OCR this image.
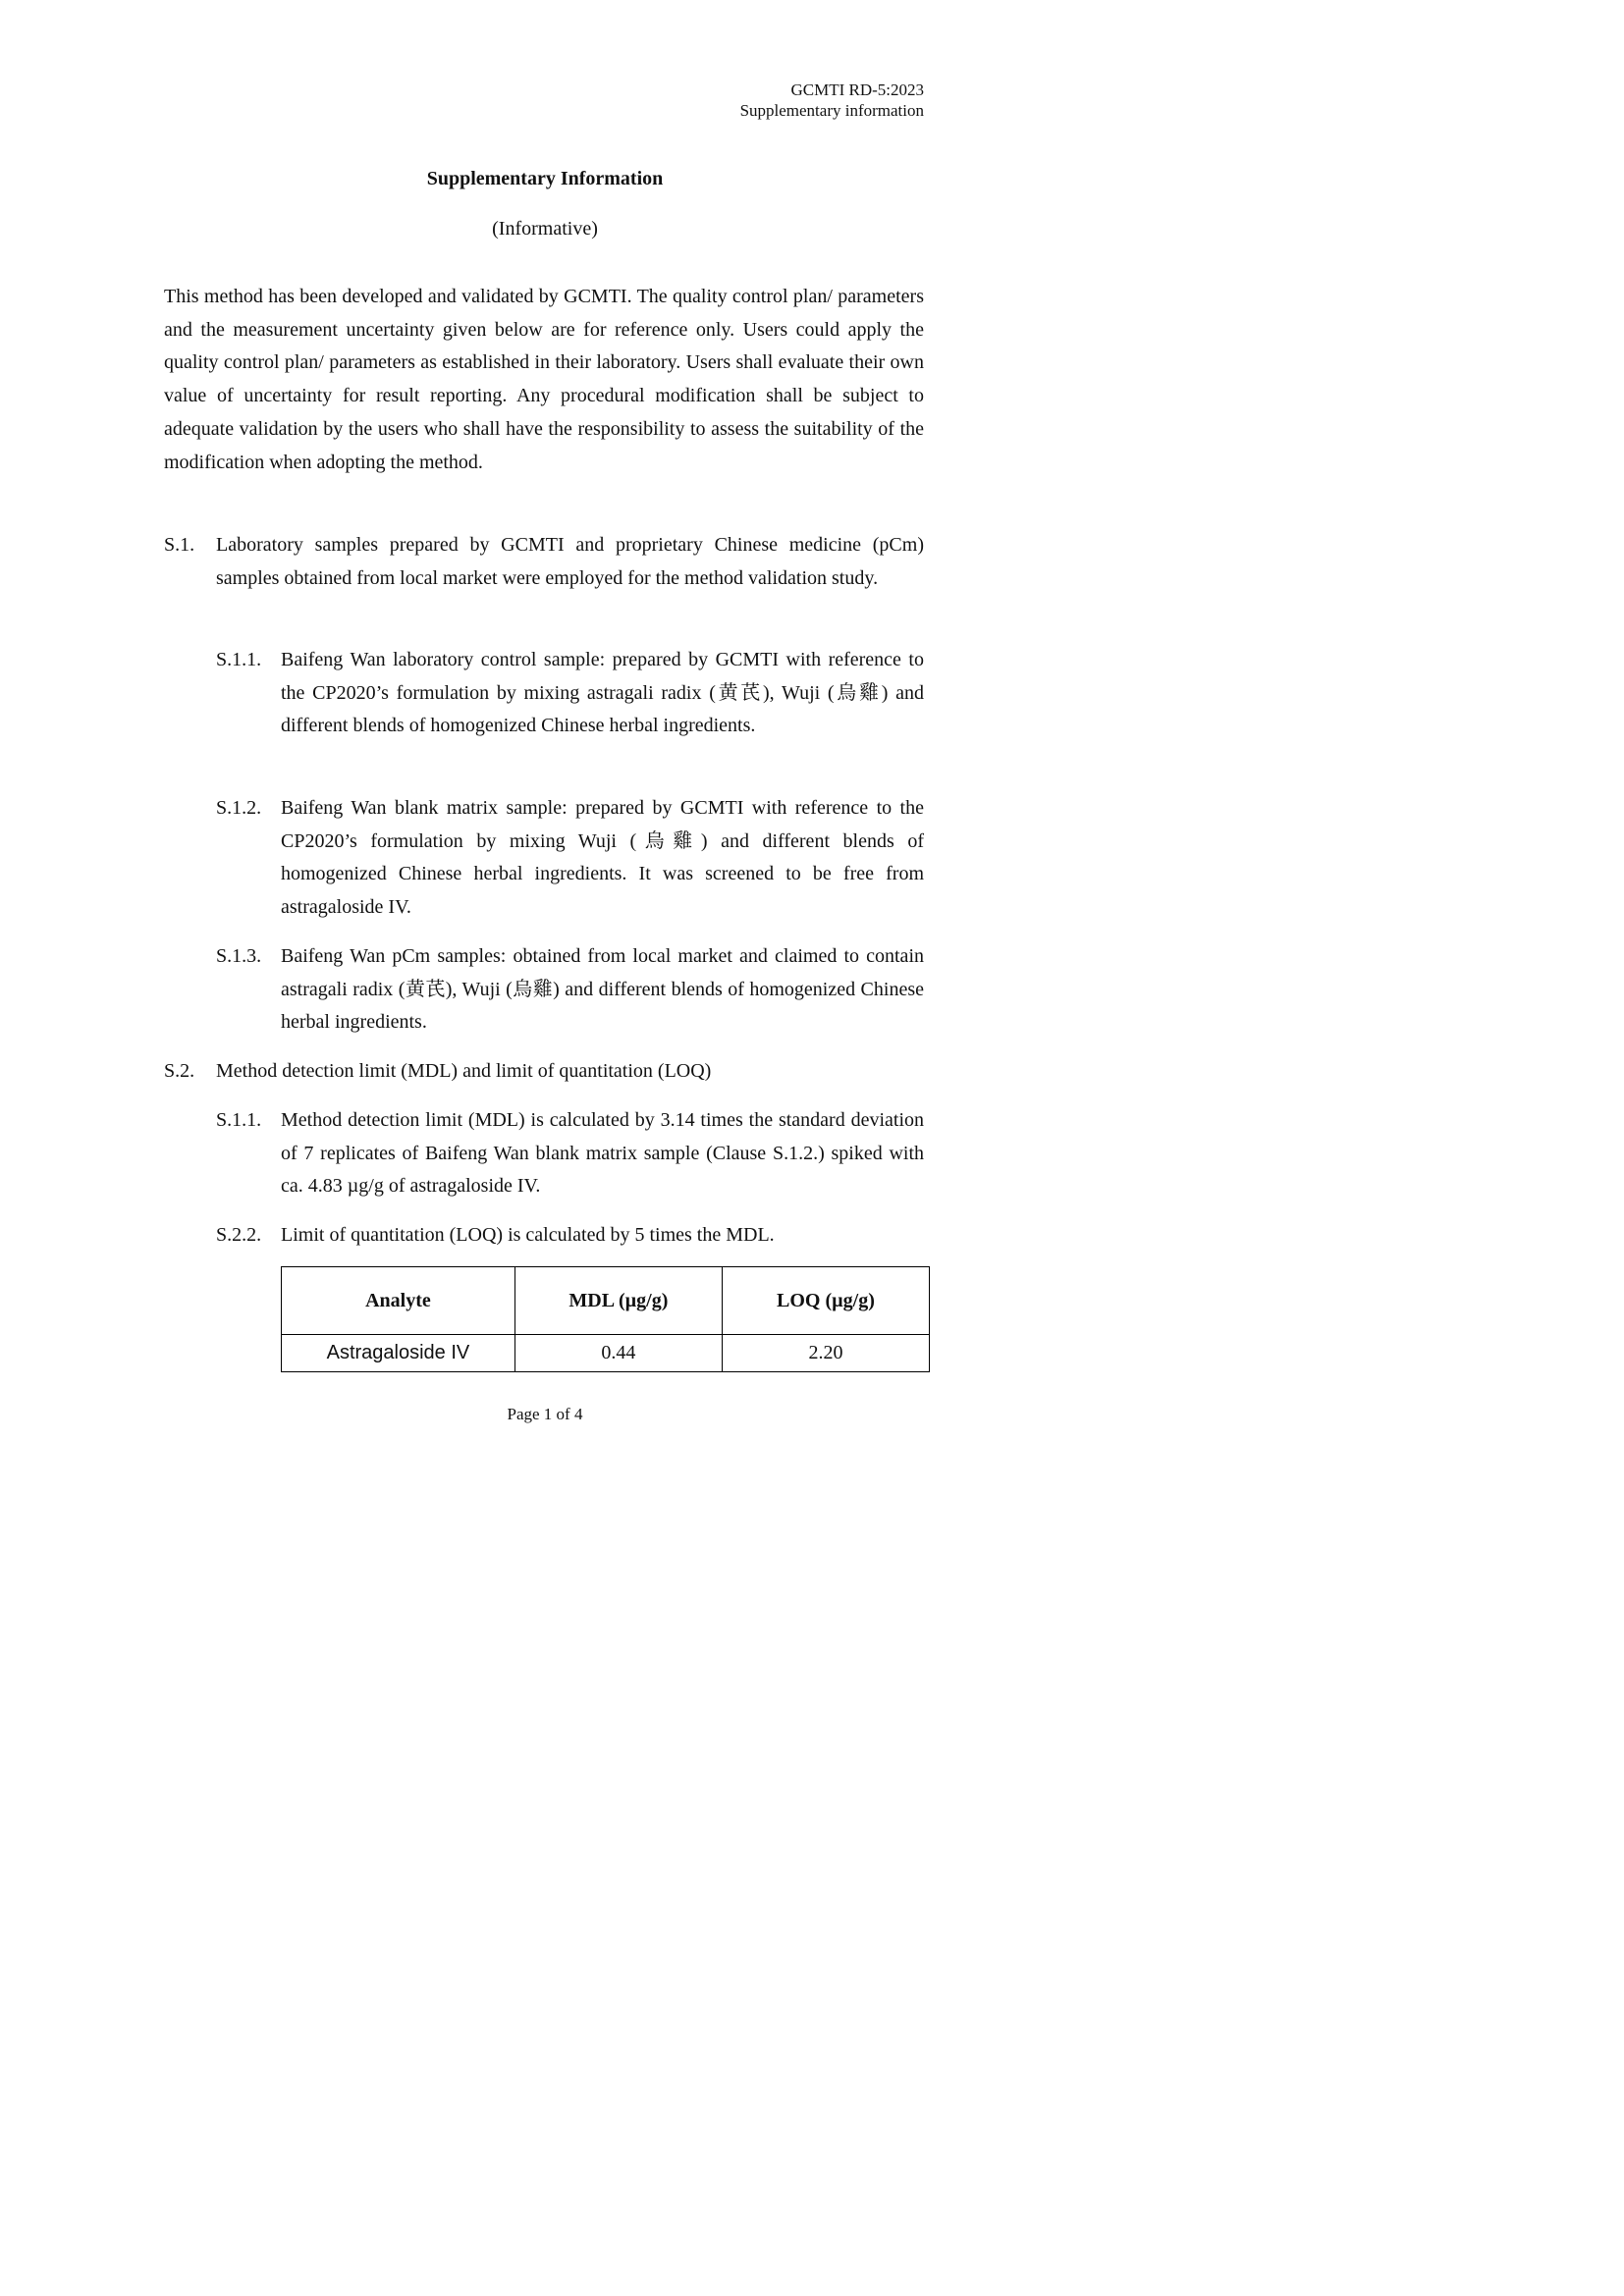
GCMTI RD-5:2023
Supplementary information
Supplementary Information
(Informative)

This method has been developed and validated by GCMTI. The quality control plan/ parameters and the measurement uncertainty given below are for reference only. Users could apply the quality control plan/ parameters as established in their laboratory. Users shall evaluate their own value of uncertainty for result reporting. Any procedural modification shall be subject to adequate validation by the users who shall have the responsibility to assess the suitability of the modification when adopting the method.

S.1. Laboratory samples prepared by GCMTI and proprietary Chinese medicine (pCm) samples obtained from local market were employed for the method validation study.

S.1.1. Baifeng Wan laboratory control sample: prepared by GCMTI with reference to the CP2020’s formulation by mixing astragali radix (黄芪), Wuji (烏雞) and different blends of homogenized Chinese herbal ingredients.

S.1.2. Baifeng Wan blank matrix sample: prepared by GCMTI with reference to the CP2020’s formulation by mixing Wuji (烏雞) and different blends of homogenized Chinese herbal ingredients. It was screened to be free from astragaloside IV.

S.1.3. Baifeng Wan pCm samples: obtained from local market and claimed to contain astragali radix (黄芪), Wuji (烏雞) and different blends of homogenized Chinese herbal ingredients.

S.2. Method detection limit (MDL) and limit of quantitation (LOQ)

S.1.1. Method detection limit (MDL) is calculated by 3.14 times the standard deviation of 7 replicates of Baifeng Wan blank matrix sample (Clause S.1.2.) spiked with ca. 4.83 µg/g of astragaloside IV.

S.2.2. Limit of quantitation (LOQ) is calculated by 5 times the MDL.

Analyte	MDL (µg/g)	LOQ (µg/g)
Astragaloside IV	0.44	2.20
Page 1 of 4
